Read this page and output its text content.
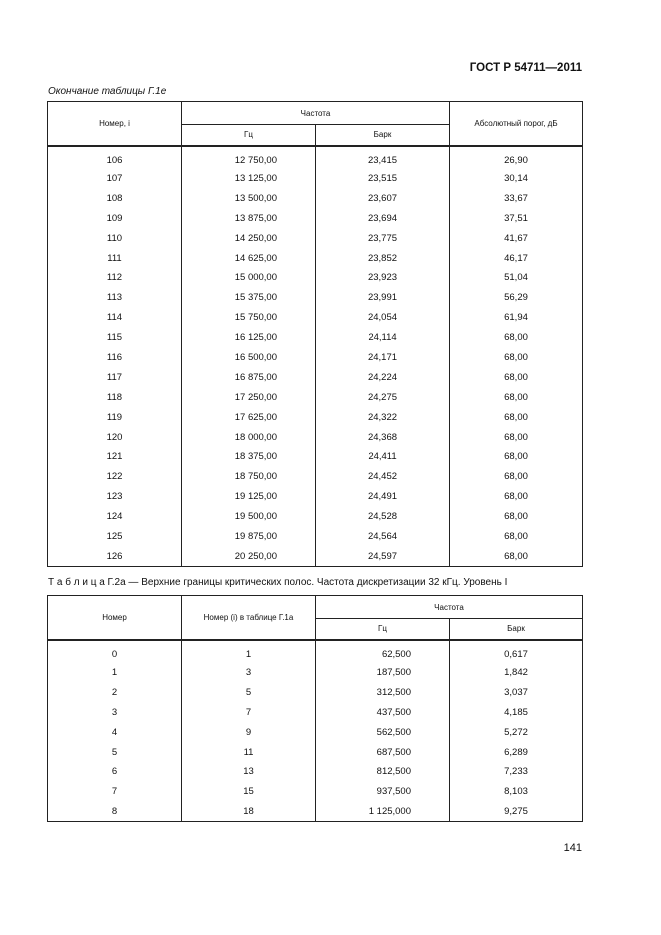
ГОСТ Р 54711—2011
Окончание таблицы Г.1е
Номер, i	Частота		Абсолютный порог, дБ
	Гц	Барк	
106	12 750,00	23,415	26,90
107	13 125,00	23,515	30,14
108	13 500,00	23,607	33,67
109	13 875,00	23,694	37,51
110	14 250,00	23,775	41,67
111	14 625,00	23,852	46,17
112	15 000,00	23,923	51,04
113	15 375,00	23,991	56,29
114	15 750,00	24,054	61,94
115	16 125,00	24,114	68,00
116	16 500,00	24,171	68,00
117	16 875,00	24,224	68,00
118	17 250,00	24,275	68,00
119	17 625,00	24,322	68,00
120	18 000,00	24,368	68,00
121	18 375,00	24,411	68,00
122	18 750,00	24,452	68,00
123	19 125,00	24,491	68,00
124	19 500,00	24,528	68,00
125	19 875,00	24,564	68,00
126	20 250,00	24,597	68,00
Т а б л и ц а Г.2а — Верхние границы критических полос. Частота дискретизации 32 кГц. Уровень I
Номер	Номер (i) в таблице Г.1а	Частота	
		Гц	Барк
0	1	62,500	0,617
1	3	187,500	1,842
2	5	312,500	3,037
3	7	437,500	4,185
4	9	562,500	5,272
5	11	687,500	6,289
6	13	812,500	7,233
7	15	937,500	8,103
8	18	1 125,000	9,275
141
